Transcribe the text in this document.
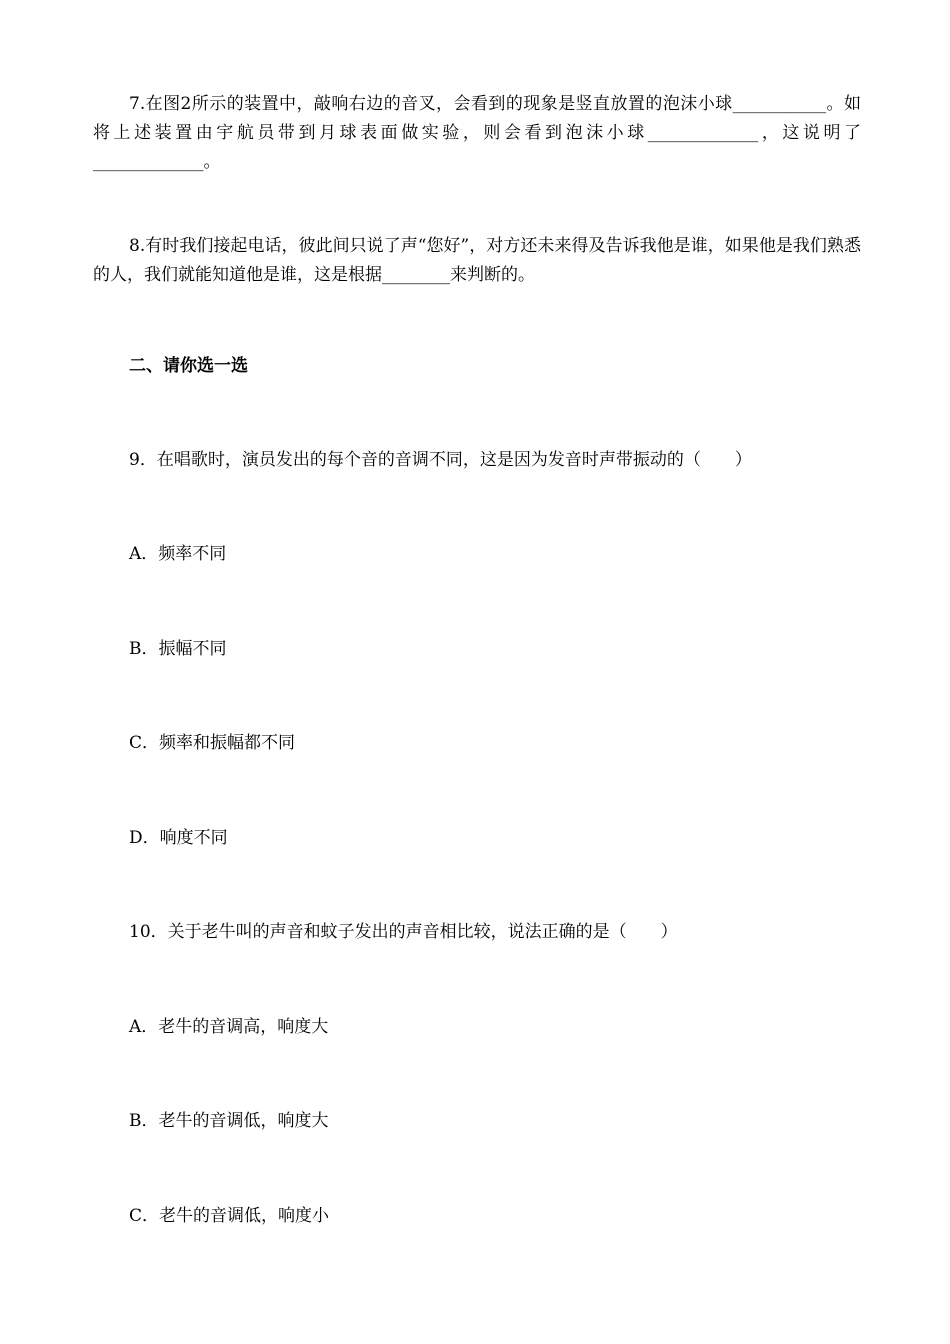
7.在图2所示的装置中，敲响右边的音叉，会看到的现象是竖直放置的泡沫小球___________。如将上述装置由宇航员带到月球表面做实验，则会看到泡沫小球_____________，这说明了_____________。

8.有时我们接起电话，彼此间只说了声“您好”，对方还未来得及告诉我他是谁，如果他是我们熟悉的人，我们就能知道他是谁，这是根据________来判断的。

二、请你选一选

9．在唱歌时，演员发出的每个音的音调不同，这是因为发音时声带振动的（　　）

A．频率不同

B．振幅不同

C．频率和振幅都不同

D．响度不同

10．关于老牛叫的声音和蚊子发出的声音相比较，说法正确的是（　　）

A．老牛的音调高，响度大

B．老牛的音调低，响度大

C．老牛的音调低，响度小
